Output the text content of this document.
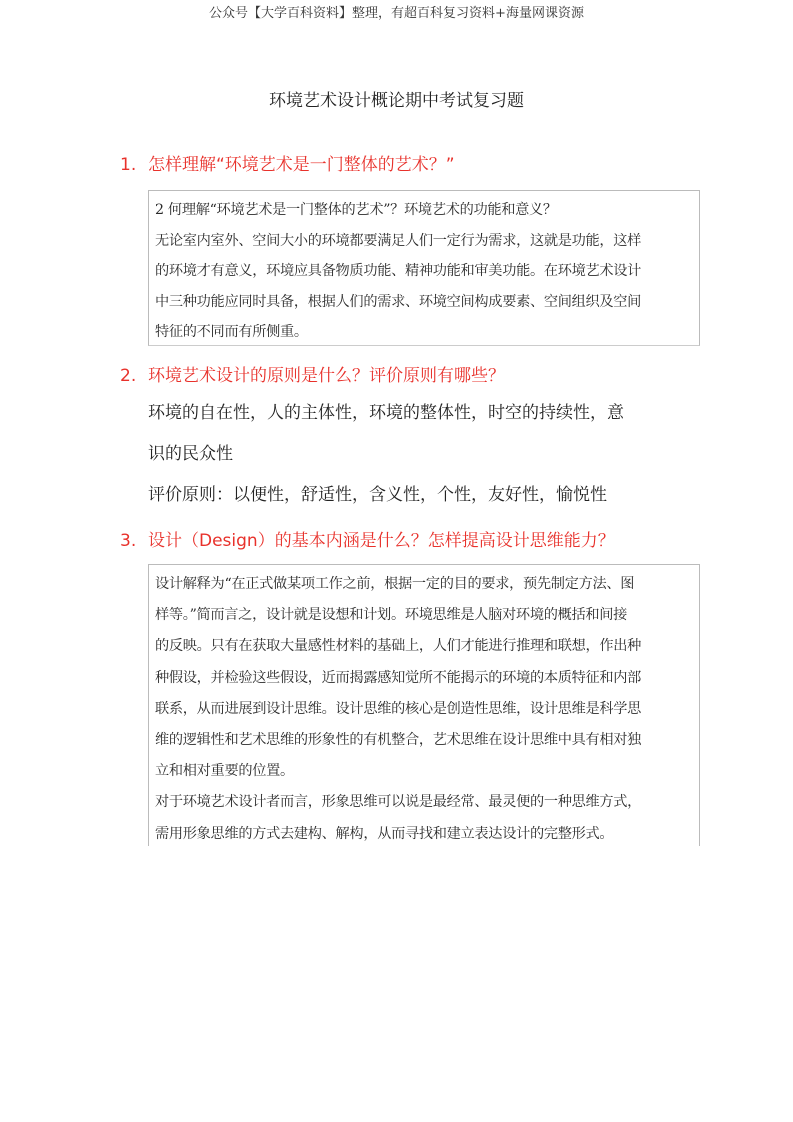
公众号【大学百科资料】整理，有超百科复习资料+海量网课资源
环境艺术设计概论期中考试复习题
1. 怎样理解“环境艺术是一门整体的艺术？”
2 何理解“环境艺术是一门整体的艺术”？环境艺术的功能和意义？
无论室内室外、空间大小的环境都要满足人们一定行为需求，这就是功能，这样
的环境才有意义，环境应具备物质功能、精神功能和审美功能。在环境艺术设计
中三种功能应同时具备，根据人们的需求、环境空间构成要素、空间组织及空间
特征的不同而有所侧重。
2. 环境艺术设计的原则是什么？评价原则有哪些？
环境的自在性，人的主体性，环境的整体性，时空的持续性，意
识的民众性
评价原则：以便性，舒适性，含义性，个性，友好性，愉悦性
3. 设计（Design）的基本内涵是什么？怎样提高设计思维能力？
设计解释为“在正式做某项工作之前，根据一定的目的要求，预先制定方法、图
样等。”简而言之，设计就是设想和计划。环境思维是人脑对环境的概括和间接
的反映。只有在获取大量感性材料的基础上，人们才能进行推理和联想，作出种
种假设，并检验这些假设，近而揭露感知觉所不能揭示的环境的本质特征和内部
联系，从而进展到设计思维。设计思维的核心是创造性思维，设计思维是科学思
维的逻辑性和艺术思维的形象性的有机整合，艺术思维在设计思维中具有相对独
立和相对重要的位置。
对于环境艺术设计者而言，形象思维可以说是最经常、最灵便的一种思维方式，
需用形象思维的方式去建构、解构，从而寻找和建立表达设计的完整形式。
